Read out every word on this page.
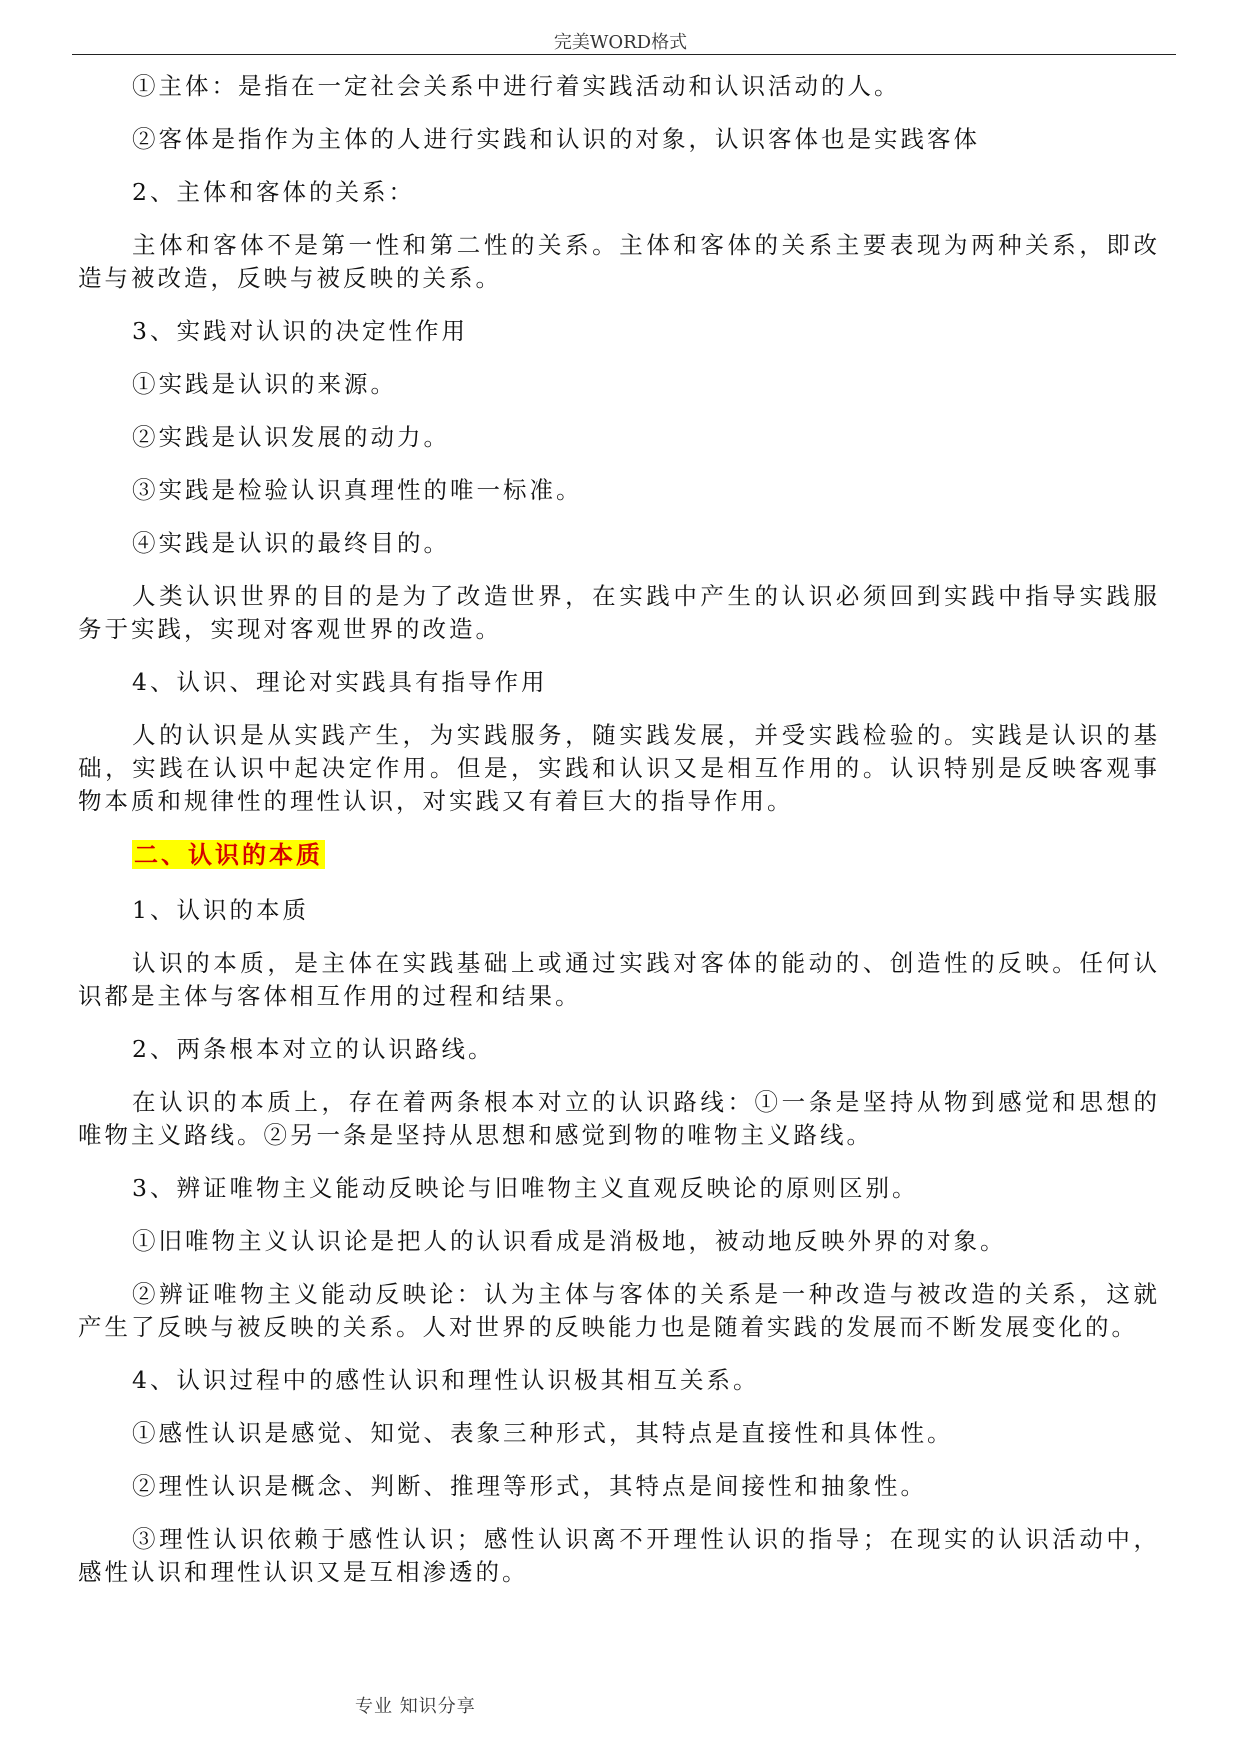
完美WORD格式

①主体：是指在一定社会关系中进行着实践活动和认识活动的人。

②客体是指作为主体的人进行实践和认识的对象，认识客体也是实践客体

2、主体和客体的关系：

主体和客体不是第一性和第二性的关系。主体和客体的关系主要表现为两种关系，即改造与被改造，反映与被反映的关系。

3、实践对认识的决定性作用

①实践是认识的来源。

②实践是认识发展的动力。

③实践是检验认识真理性的唯一标准。

④实践是认识的最终目的。

人类认识世界的目的是为了改造世界，在实践中产生的认识必须回到实践中指导实践服务于实践，实现对客观世界的改造。

4、认识、理论对实践具有指导作用

人的认识是从实践产生，为实践服务，随实践发展，并受实践检验的。实践是认识的基础，实践在认识中起决定作用。但是，实践和认识又是相互作用的。认识特别是反映客观事物本质和规律性的理性认识，对实践又有着巨大的指导作用。

二、认识的本质

1、认识的本质

认识的本质，是主体在实践基础上或通过实践对客体的能动的、创造性的反映。任何认识都是主体与客体相互作用的过程和结果。

2、两条根本对立的认识路线。

在认识的本质上，存在着两条根本对立的认识路线：①一条是坚持从物到感觉和思想的唯物主义路线。②另一条是坚持从思想和感觉到物的唯物主义路线。

3、辨证唯物主义能动反映论与旧唯物主义直观反映论的原则区别。

①旧唯物主义认识论是把人的认识看成是消极地，被动地反映外界的对象。

②辨证唯物主义能动反映论：认为主体与客体的关系是一种改造与被改造的关系，这就产生了反映与被反映的关系。人对世界的反映能力也是随着实践的发展而不断发展变化的。

4、认识过程中的感性认识和理性认识极其相互关系。

①感性认识是感觉、知觉、表象三种形式，其特点是直接性和具体性。

②理性认识是概念、判断、推理等形式，其特点是间接性和抽象性。

③理性认识依赖于感性认识；感性认识离不开理性认识的指导；在现实的认识活动中，感性认识和理性认识又是互相渗透的。

专业 知识分享
